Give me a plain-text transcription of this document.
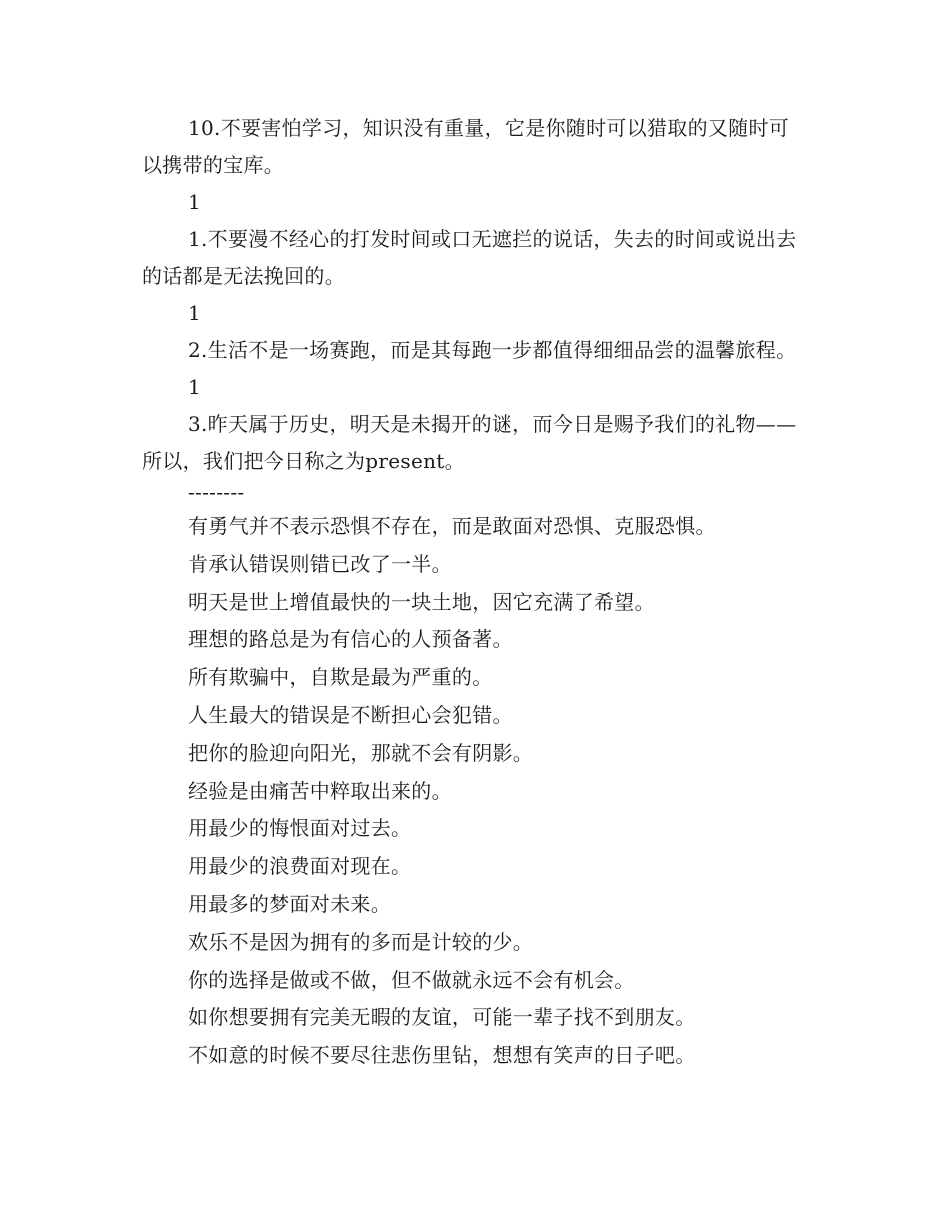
10.不要害怕学习，知识没有重量，它是你随时可以猎取的又随时可以携带的宝库。

1

1.不要漫不经心的打发时间或口无遮拦的说话，失去的时间或说出去的话都是无法挽回的。

1

2.生活不是一场赛跑，而是其每跑一步都值得细细品尝的温馨旅程。

1

3.昨天属于历史，明天是未揭开的谜，而今日是赐予我们的礼物——所以，我们把今日称之为present。

--------

有勇气并不表示恐惧不存在，而是敢面对恐惧、克服恐惧。

肯承认错误则错已改了一半。

明天是世上增值最快的一块土地，因它充满了希望。

理想的路总是为有信心的人预备著。

所有欺骗中，自欺是最为严重的。

人生最大的错误是不断担心会犯错。

把你的脸迎向阳光，那就不会有阴影。

经验是由痛苦中粹取出来的。

用最少的悔恨面对过去。

用最少的浪费面对现在。

用最多的梦面对未来。

欢乐不是因为拥有的多而是计较的少。

你的选择是做或不做，但不做就永远不会有机会。

如你想要拥有完美无暇的友谊，可能一辈子找不到朋友。

不如意的时候不要尽往悲伤里钻，想想有笑声的日子吧。
